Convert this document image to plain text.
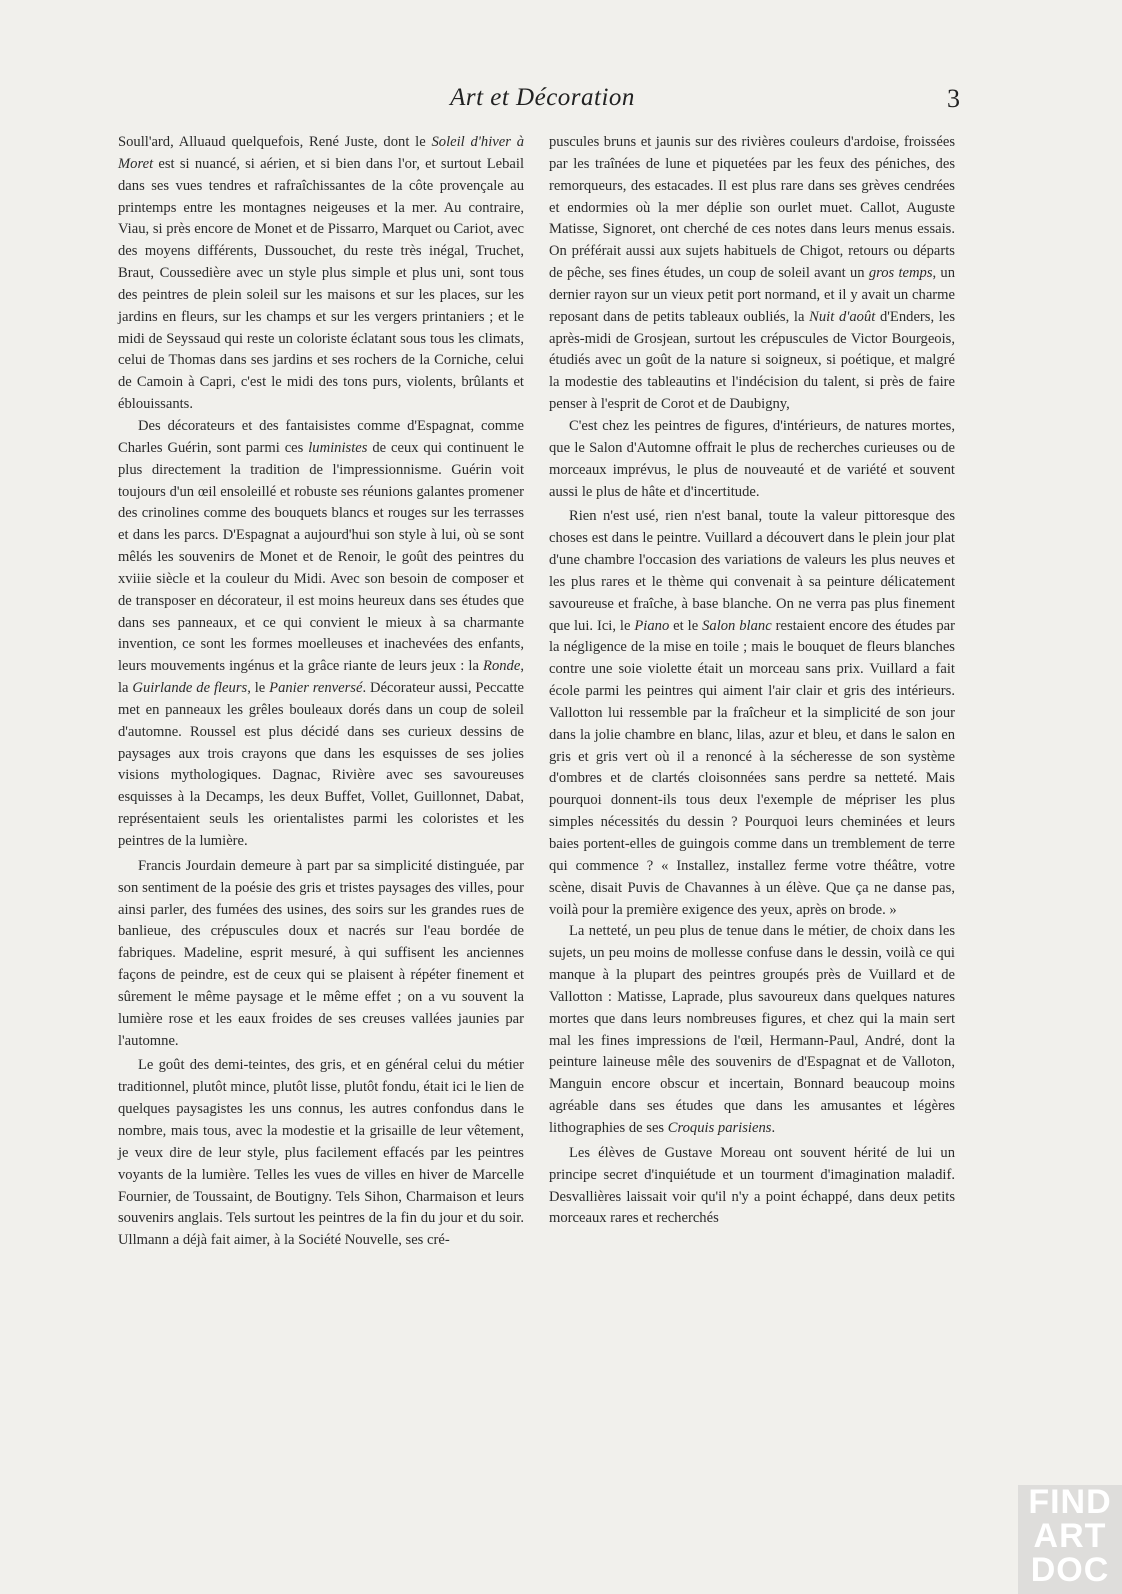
Art et Décoration	3

Soull'ard, Alluaud quelquefois, René Juste, dont le Soleil d'hiver à Moret est si nuancé, si aérien, et si bien dans l'or, et surtout Lebail dans ses vues tendres et rafraîchissantes de la côte provençale au printemps entre les montagnes neigeuses et la mer. Au contraire, Viau, si près encore de Monet et de Pissarro, Marquet ou Cariot, avec des moyens différents, Dussouchet, du reste très inégal, Truchet, Braut, Coussedière avec un style plus simple et plus uni, sont tous des peintres de plein soleil sur les maisons et sur les places, sur les jardins en fleurs, sur les champs et sur les vergers printaniers ; et le midi de Seyssaud qui reste un coloriste éclatant sous tous les climats, celui de Thomas dans ses jardins et ses rochers de la Corniche, celui de Camoin à Capri, c'est le midi des tons purs, violents, brûlants et éblouissants.

Des décorateurs et des fantaisistes comme d'Espagnat, comme Charles Guérin, sont parmi ces luministes de ceux qui continuent le plus directement la tradition de l'impressionnisme. Guérin voit toujours d'un œil ensoleillé et robuste ses réunions galantes promener des crinolines comme des bouquets blancs et rouges sur les terrasses et dans les parcs. D'Espagnat a aujourd'hui son style à lui, où se sont mêlés les souvenirs de Monet et de Renoir, le goût des peintres du xviiie siècle et la couleur du Midi. Avec son besoin de composer et de transposer en décorateur, il est moins heureux dans ses études que dans ses panneaux, et ce qui convient le mieux à sa charmante invention, ce sont les formes moelleuses et inachevées des enfants, leurs mouvements ingénus et la grâce riante de leurs jeux : la Ronde, la Guirlande de fleurs, le Panier renversé. Décorateur aussi, Peccatte met en panneaux les grêles bouleaux dorés dans un coup de soleil d'automne. Roussel est plus décidé dans ses curieux dessins de paysages aux trois crayons que dans les esquisses de ses jolies visions mythologiques. Dagnac, Rivière avec ses savoureuses esquisses à la Decamps, les deux Buffet, Vollet, Guillonnet, Dabat, représentaient seuls les orientalistes parmi les coloristes et les peintres de la lumière.

Francis Jourdain demeure à part par sa simplicité distinguée, par son sentiment de la poésie des gris et tristes paysages des villes, pour ainsi parler, des fumées des usines, des soirs sur les grandes rues de banlieue, des crépuscules doux et nacrés sur l'eau bordée de fabriques. Madeline, esprit mesuré, à qui suffisent les anciennes façons de peindre, est de ceux qui se plaisent à répéter finement et sûrement le même paysage et le même effet ; on a vu souvent la lumière rose et les eaux froides de ses creuses vallées jaunies par l'automne.

Le goût des demi-teintes, des gris, et en général celui du métier traditionnel, plutôt mince, plutôt lisse, plutôt fondu, était ici le lien de quelques paysagistes les uns connus, les autres confondus dans le nombre, mais tous, avec la modestie et la grisaille de leur vêtement, je veux dire de leur style, plus facilement effacés par les peintres voyants de la lumière. Telles les vues de villes en hiver de Marcelle Fournier, de Toussaint, de Boutigny. Tels Sihon, Charmaison et leurs souvenirs anglais. Tels surtout les peintres de la fin du jour et du soir. Ullmann a déjà fait aimer, à la Société Nouvelle, ses cré-

puscules bruns et jaunis sur des rivières couleurs d'ardoise, froissées par les traînées de lune et piquetées par les feux des péniches, des remorqueurs, des estacades. Il est plus rare dans ses grèves cendrées et endormies où la mer déplie son ourlet muet. Callot, Auguste Matisse, Signoret, ont cherché de ces notes dans leurs menus essais. On préférait aussi aux sujets habituels de Chigot, retours ou départs de pêche, ses fines études, un coup de soleil avant un gros temps, un dernier rayon sur un vieux petit port normand, et il y avait un charme reposant dans de petits tableaux oubliés, la Nuit d'août d'Enders, les après-midi de Grosjean, surtout les crépuscules de Victor Bourgeois, étudiés avec un goût de la nature si soigneux, si poétique, et malgré la modestie des tableautins et l'indécision du talent, si près de faire penser à l'esprit de Corot et de Daubigny,

C'est chez les peintres de figures, d'intérieurs, de natures mortes, que le Salon d'Automne offrait le plus de recherches curieuses ou de morceaux imprévus, le plus de nouveauté et de variété et souvent aussi le plus de hâte et d'incertitude.

Rien n'est usé, rien n'est banal, toute la valeur pittoresque des choses est dans le peintre. Vuillard a découvert dans le plein jour plat d'une chambre l'occasion des variations de valeurs les plus neuves et les plus rares et le thème qui convenait à sa peinture délicatement savoureuse et fraîche, à base blanche. On ne verra pas plus finement que lui. Ici, le Piano et le Salon blanc restaient encore des études par la négligence de la mise en toile ; mais le bouquet de fleurs blanches contre une soie violette était un morceau sans prix. Vuillard a fait école parmi les peintres qui aiment l'air clair et gris des intérieurs. Vallotton lui ressemble par la fraîcheur et la simplicité de son jour dans la jolie chambre en blanc, lilas, azur et bleu, et dans le salon en gris et gris vert où il a renoncé à la sécheresse de son système d'ombres et de clartés cloisonnées sans perdre sa netteté. Mais pourquoi donnent-ils tous deux l'exemple de mépriser les plus simples nécessités du dessin ? Pourquoi leurs cheminées et leurs baies portent-elles de guingois comme dans un tremblement de terre qui commence ? « Installez, installez ferme votre théâtre, votre scène, disait Puvis de Chavannes à un élève. Que ça ne danse pas, voilà pour la première exigence des yeux, après on brode. »

La netteté, un peu plus de tenue dans le métier, de choix dans les sujets, un peu moins de mollesse confuse dans le dessin, voilà ce qui manque à la plupart des peintres groupés près de Vuillard et de Vallotton : Matisse, Laprade, plus savoureux dans quelques natures mortes que dans leurs nombreuses figures, et chez qui la main sert mal les fines impressions de l'œil, Hermann-Paul, André, dont la peinture laineuse mêle des souvenirs de d'Espagnat et de Valloton, Manguin encore obscur et incertain, Bonnard beaucoup moins agréable dans ses études que dans les amusantes et légères lithographies de ses Croquis parisiens.

Les élèves de Gustave Moreau ont souvent hérité de lui un principe secret d'inquiétude et un tourment d'imagination maladif. Desvallières laissait voir qu'il n'y a point échappé, dans deux petits morceaux rares et recherchés

FIND
ART
DOC
